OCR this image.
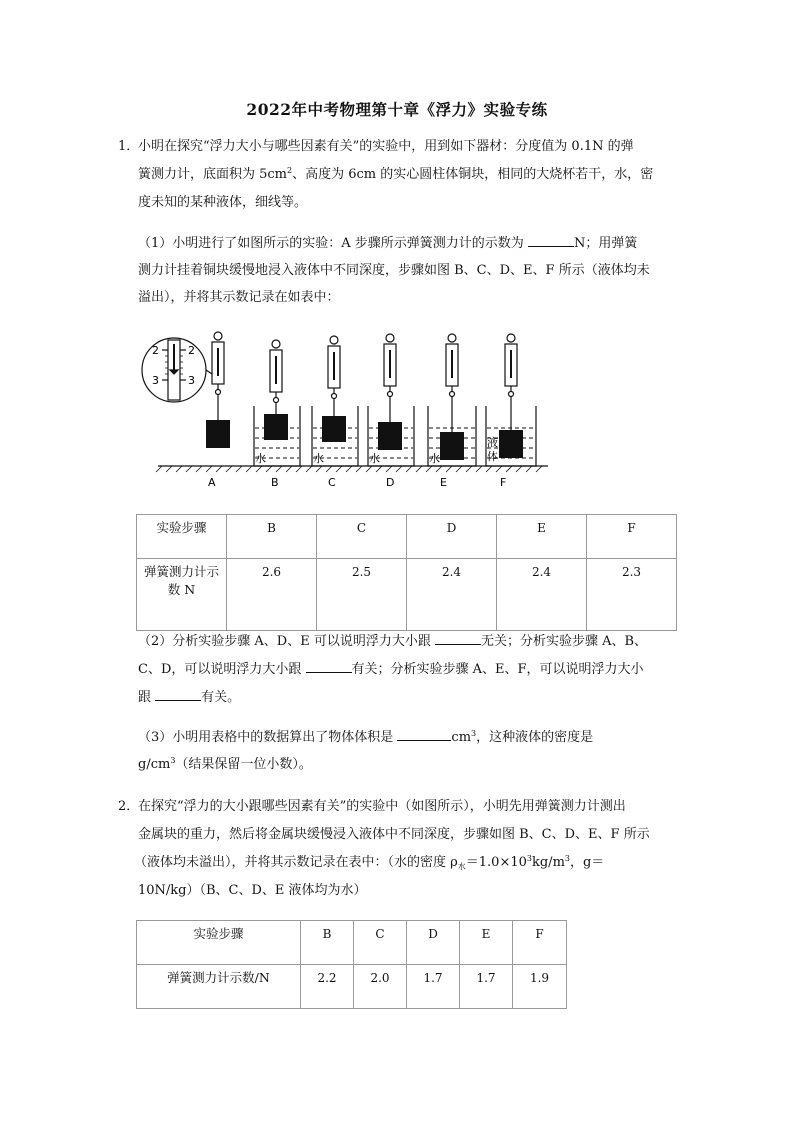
2022年中考物理第十章《浮力》实验专练
1．
小明在探究“浮力大小与哪些因素有关”的实验中，用到如下器材：分度值为 0.1N 的弹
簧测力计，底面积为 $5cm^2$、高度为 6cm 的实心圆柱体铜块，相同的大烧杯若干，水，密
度未知的某种液体，细线等。
（1）小明进行了如图所示的实验：A 步骤所示弹簧测力计的示数为	N；用弹簧
测力计挂着铜块缓慢地浸入液体中不同深度，步骤如图 B、C、D、E、F 所示（液体均未
溢出），并将其示数记录在如表中：
2	2
3	3
水	水	水	水
液
体
A	B	C	D	E	F
实验步骤	B	C	D	E	F
弹簧测力计示
数 N	2.6	2.5	2.4	2.4	2.3
（2）分析实验步骤 A、D、E 可以说明浮力大小跟	无关；分析实验步骤 A、B、
C、D，可以说明浮力大小跟	有关；分析实验步骤 A、E、F，可以说明浮力大小
跟	有关。
（3）小明用表格中的数据算出了物体体积是	$cm^3$，这种液体的密度是
$g/cm^3$（结果保留一位小数）。
2．
在探究“浮力的大小跟哪些因素有关”的实验中（如图所示），小明先用弹簧测力计测出
金属块的重力，然后将金属块缓慢浸入液体中不同深度，步骤如图 B、C、D、E、F 所示
（液体均未溢出），并将其示数记录在表中：（水的密度 $\rho_水=1.0\times 10^3kg/m^3$，g＝
10N/kg）（B、C、D、E 液体均为水）
实验步骤	B	C	D	E	F
弹簧测力计示数/N	2.2	2.0	1.7	1.7	1.9
